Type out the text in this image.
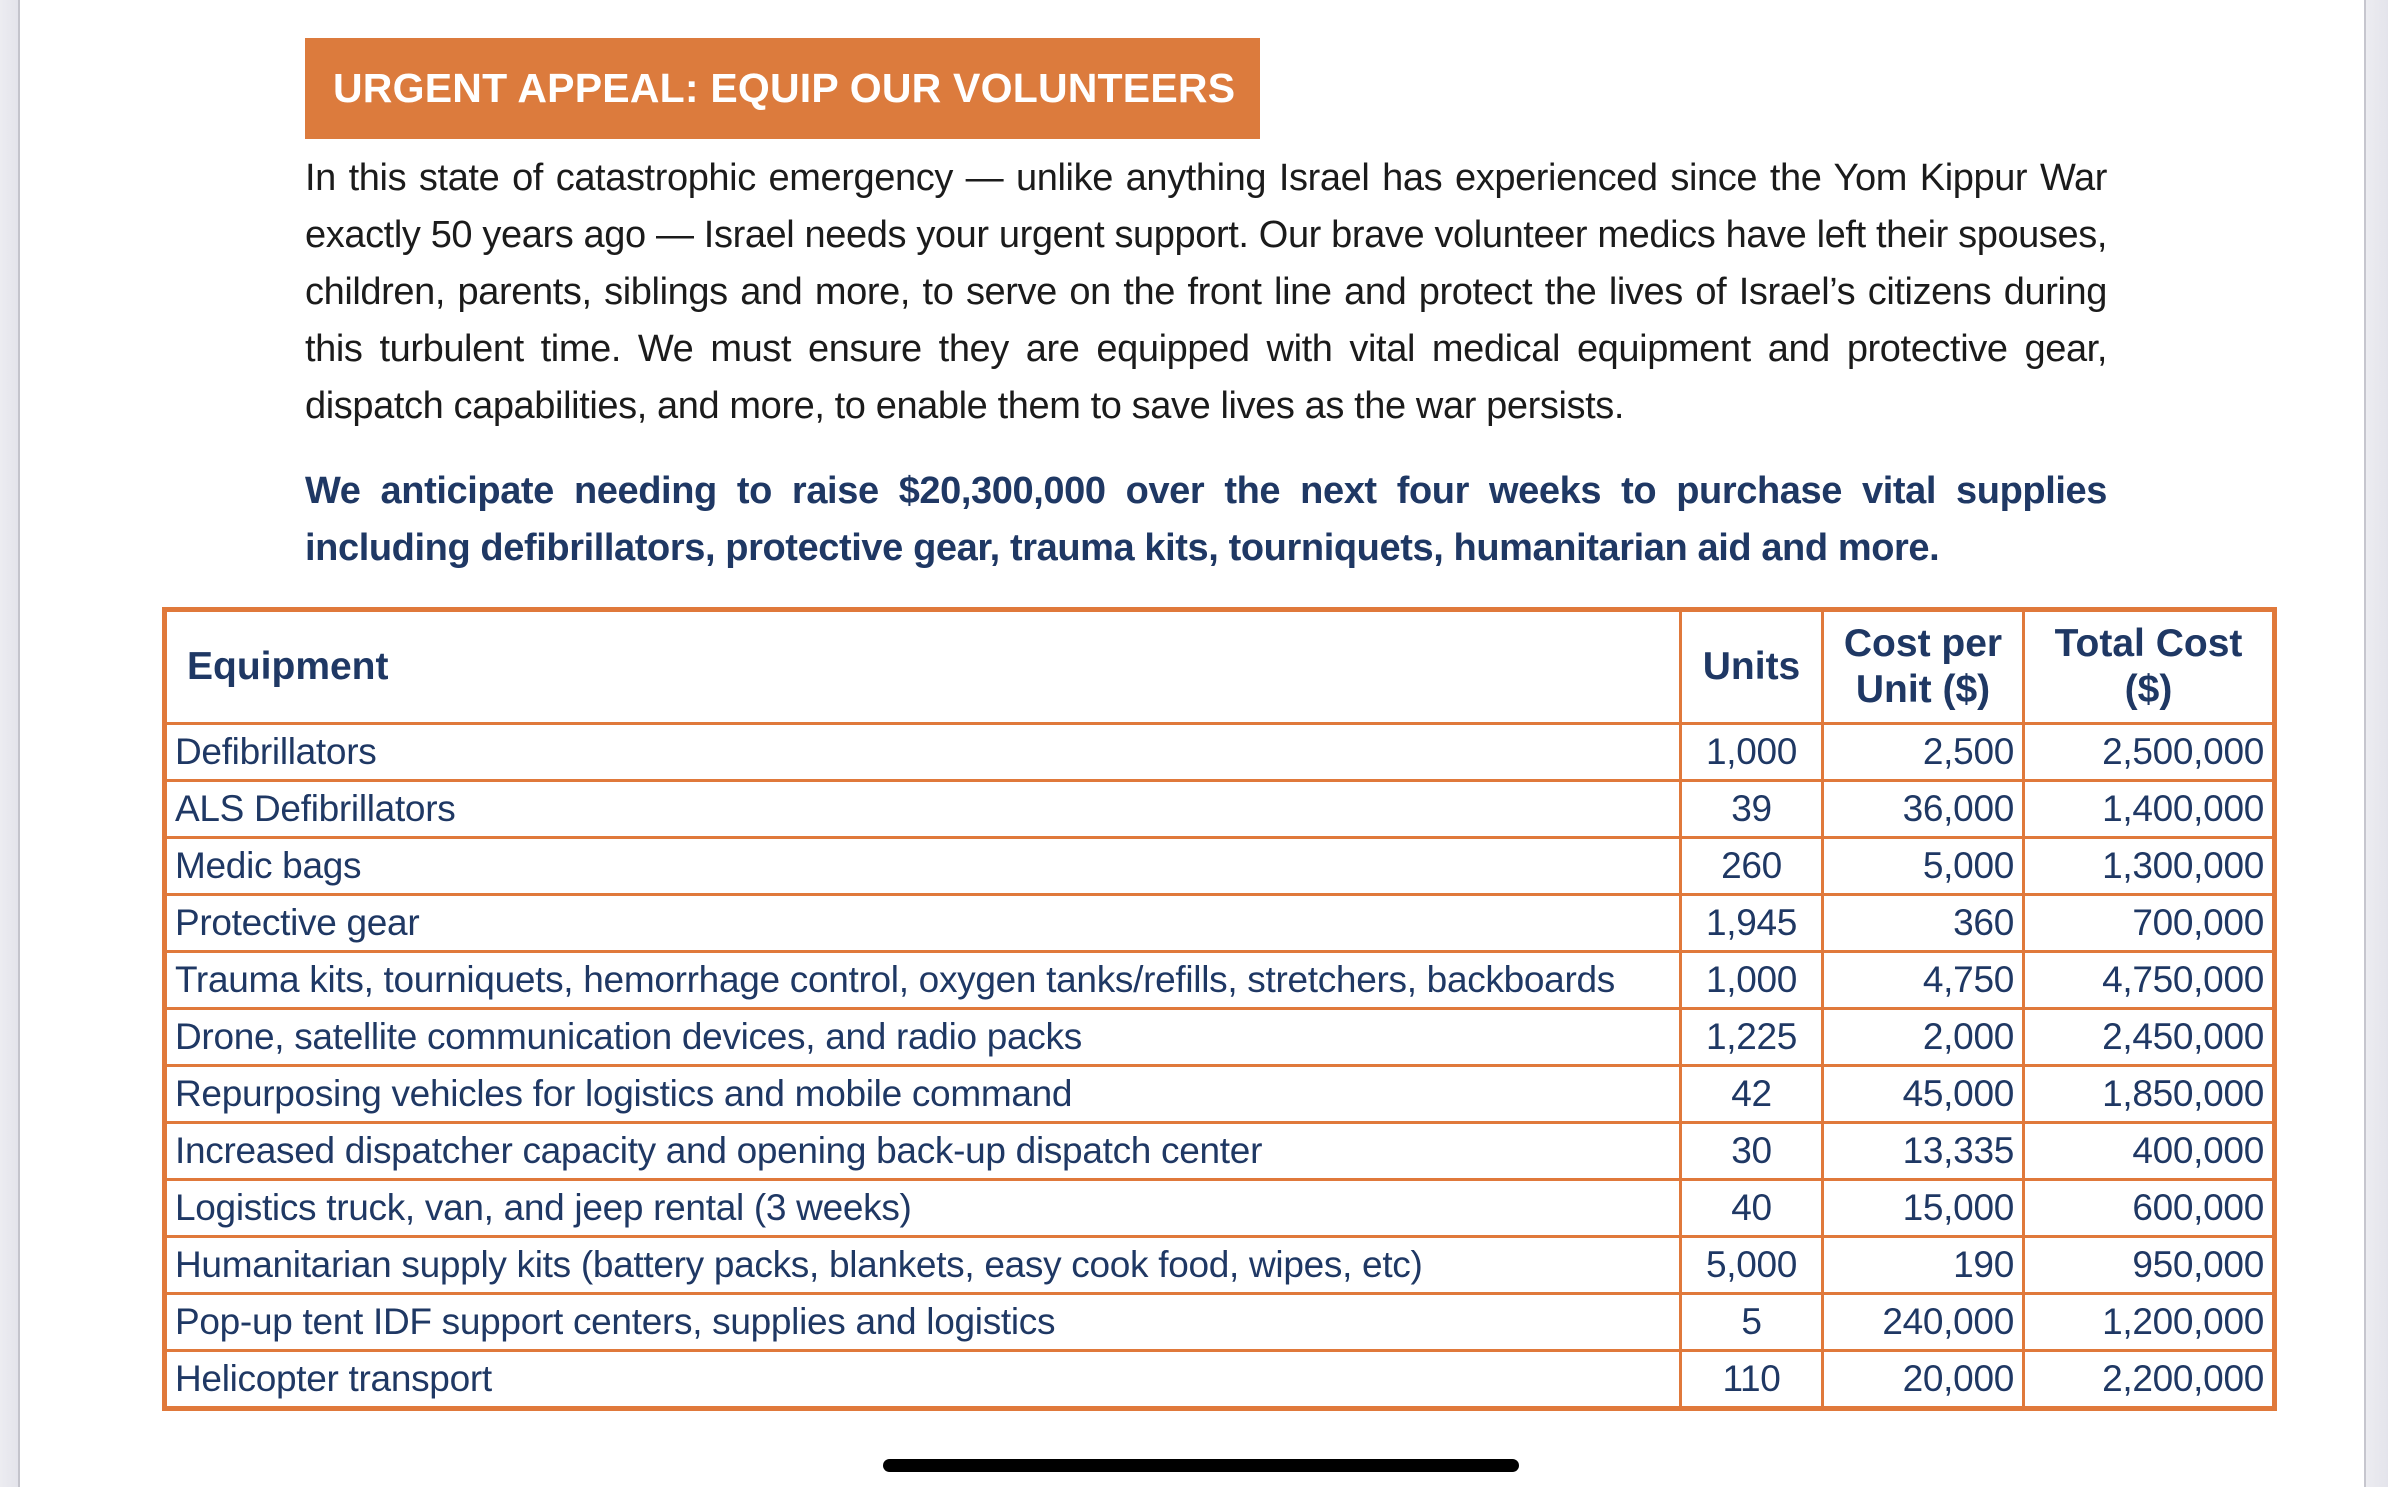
URGENT APPEAL: EQUIP OUR VOLUNTEERS

In this state of catastrophic emergency — unlike anything Israel has experienced since the Yom Kippur War exactly 50 years ago — Israel needs your urgent support. Our brave volunteer medics have left their spouses, children, parents, siblings and more, to serve on the front line and protect the lives of Israel’s citizens during this turbulent time. We must ensure they are equipped with vital medical equipment and protective gear, dispatch capabilities, and more, to enable them to save lives as the war persists.

We anticipate needing to raise $20,300,000 over the next four weeks to purchase vital supplies including defibrillators, protective gear, trauma kits, tourniquets, humanitarian aid and more.

Equipment	Units	Cost per Unit ($)	Total Cost ($)
Defibrillators	1,000	2,500	2,500,000
ALS Defibrillators	39	36,000	1,400,000
Medic bags	260	5,000	1,300,000
Protective gear	1,945	360	700,000
Trauma kits, tourniquets, hemorrhage control, oxygen tanks/refills, stretchers, backboards	1,000	4,750	4,750,000
Drone, satellite communication devices, and radio packs	1,225	2,000	2,450,000
Repurposing vehicles for logistics and mobile command	42	45,000	1,850,000
Increased dispatcher capacity and opening back-up dispatch center	30	13,335	400,000
Logistics truck, van, and jeep rental (3 weeks)	40	15,000	600,000
Humanitarian supply kits (battery packs, blankets, easy cook food, wipes, etc)	5,000	190	950,000
Pop-up tent IDF support centers, supplies and logistics	5	240,000	1,200,000
Helicopter transport	110	20,000	2,200,000
